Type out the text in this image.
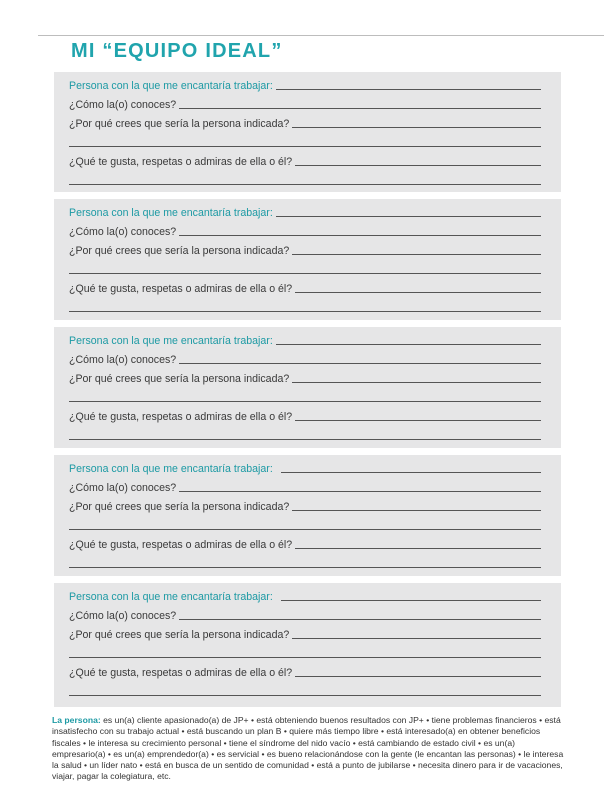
MI “EQUIPO IDEAL”
Persona con la que me encantaría trabajar:
¿Cómo la(o) conoces?
¿Por qué crees que sería la persona indicada?
¿Qué te gusta, respetas o admiras de ella o él?
Persona con la que me encantaría trabajar:
¿Cómo la(o) conoces?
¿Por qué crees que sería la persona indicada?
¿Qué te gusta, respetas o admiras de ella o él?
Persona con la que me encantaría trabajar:
¿Cómo la(o) conoces?
¿Por qué crees que sería la persona indicada?
¿Qué te gusta, respetas o admiras de ella o él?
Persona con la que me encantaría trabajar:
¿Cómo la(o) conoces?
¿Por qué crees que sería la persona indicada?
¿Qué te gusta, respetas o admiras de ella o él?
Persona con la que me encantaría trabajar:
¿Cómo la(o) conoces?
¿Por qué crees que sería la persona indicada?
¿Qué te gusta, respetas o admiras de ella o él?
La persona: es un(a) cliente apasionado(a) de JP+ • está obteniendo buenos resultados con JP+ • tiene problemas financieros • está insatisfecho con su trabajo actual • está buscando un plan B • quiere más tiempo libre • está interesado(a) en obtener beneficios fiscales • le interesa su crecimiento personal • tiene el síndrome del nido vacío • está cambiando de estado civil • es un(a) empresario(a) • es un(a) emprendedor(a) • es servicial • es bueno relacionándose con la gente (le encantan las personas) • le interesa la salud • un líder nato • está en busca de un sentido de comunidad • está a punto de jubilarse • necesita dinero para ir de vacaciones, viajar, pagar la colegiatura, etc.
